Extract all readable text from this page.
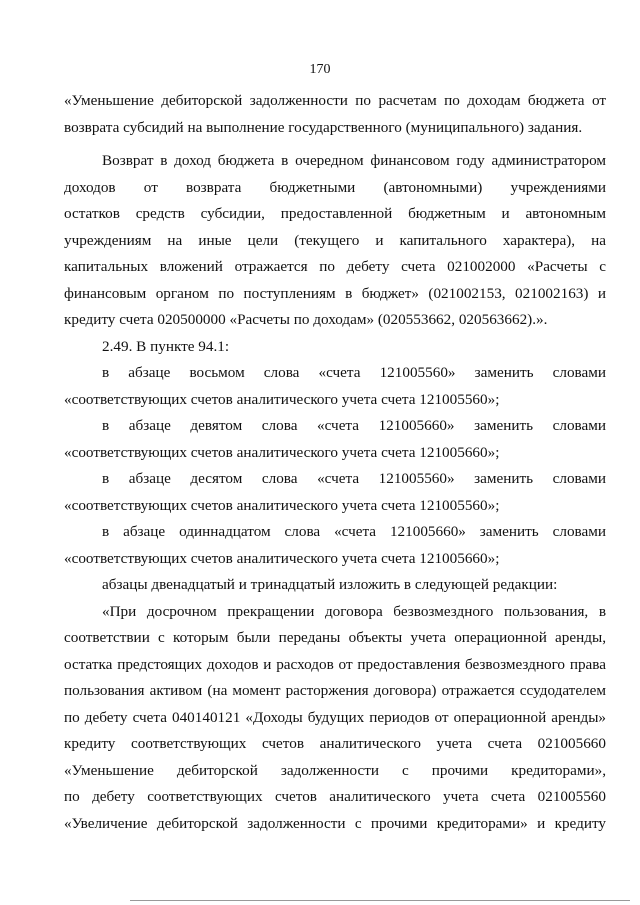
170
«Уменьшение дебиторской задолженности по расчетам по доходам бюджета от
возврата субсидий на выполнение государственного (муниципального) задания.
Возврат в доход бюджета в очередном финансовом году администратором
доходов от возврата бюджетными (автономными) учреждениями
остатков средств субсидии, предоставленной бюджетным и автономным
учреждениям на иные цели (текущего и капитального характера), на
капитальных вложений отражается по дебету счета 021002000 «Расчеты с
финансовым органом по поступлениям в бюджет» (021002153, 021002163) и
кредиту счета 020500000 «Расчеты по доходам» (020553662, 020563662).».
2.49. В пункте 94.1:
в абзаце восьмом слова «счета 121005560» заменить словами
«соответствующих счетов аналитического учета счета 121005560»;
в абзаце девятом слова «счета 121005660» заменить словами
«соответствующих счетов аналитического учета счета 121005660»;
в абзаце десятом слова «счета 121005560» заменить словами
«соответствующих счетов аналитического учета счета 121005560»;
в абзаце одиннадцатом слова «счета 121005660» заменить словами
«соответствующих счетов аналитического учета счета 121005660»;
абзацы двенадцатый и тринадцатый изложить в следующей редакции:
«При досрочном прекращении договора безвозмездного пользования, в
соответствии с которым были переданы объекты учета операционной аренды,
остатка предстоящих доходов и расходов от предоставления безвозмездного права
пользования активом (на момент расторжения договора) отражается ссудодателем
по дебету счета 040140121 «Доходы будущих периодов от операционной аренды»
кредиту соответствующих счетов аналитического учета счета 021005660
«Уменьшение дебиторской задолженности с прочими кредиторами»,
по дебету соответствующих счетов аналитического учета счета 021005560
«Увеличение дебиторской задолженности с прочими кредиторами» и кредиту
